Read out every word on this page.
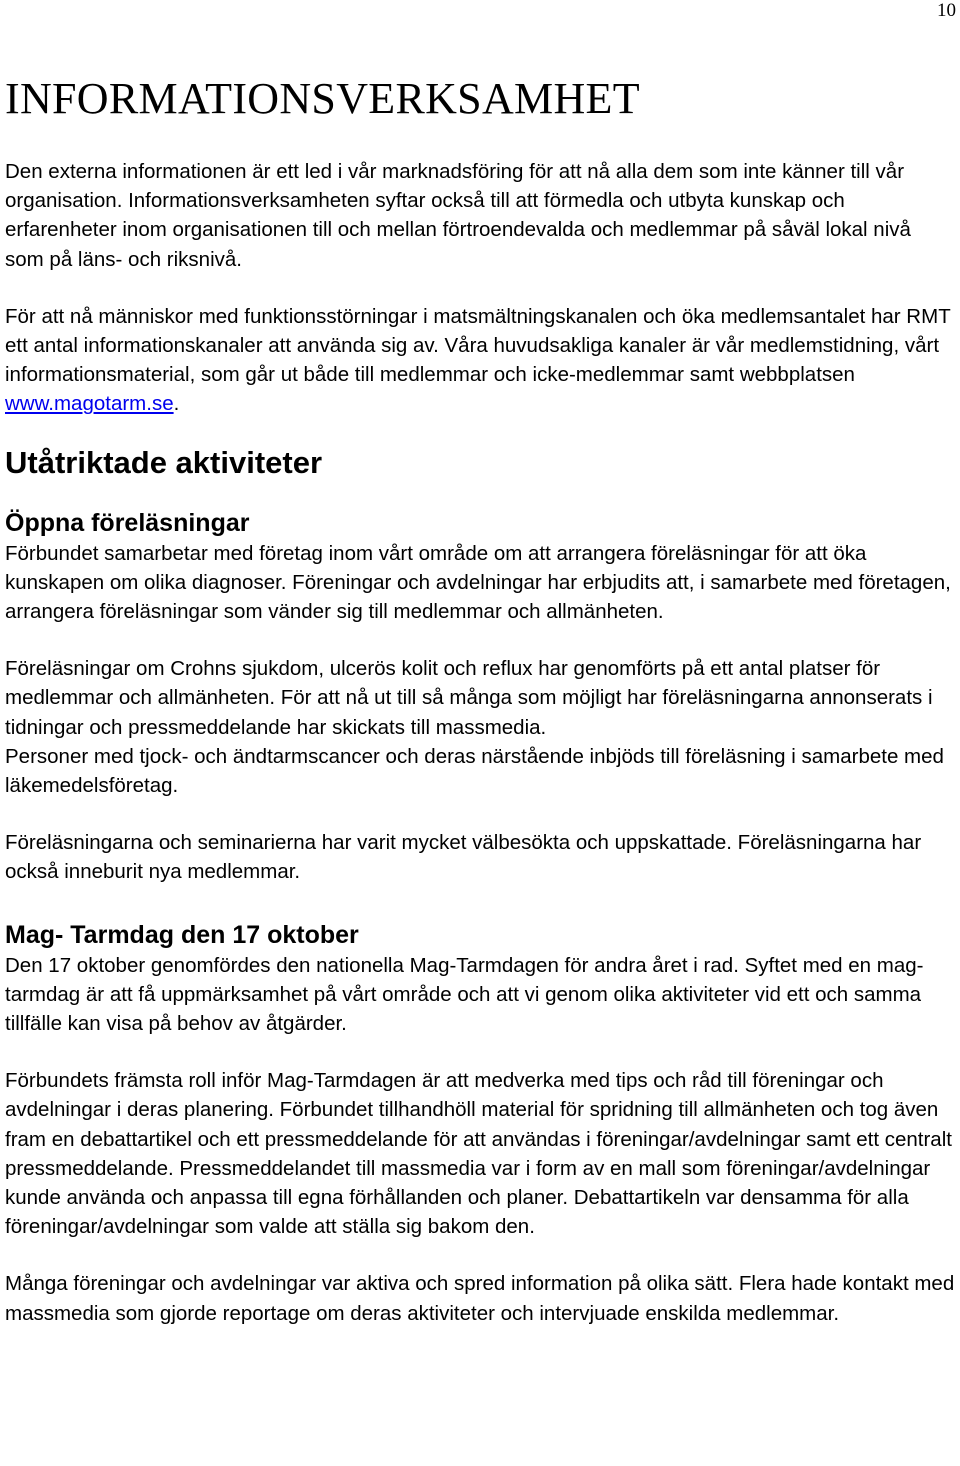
10
INFORMATIONSVERKSAMHET

Den externa informationen är ett led i vår marknadsföring för att nå alla dem som inte känner till vår organisation. Informationsverksamheten syftar också till att förmedla och utbyta kunskap och erfarenheter inom organisationen till och mellan förtroendevalda och medlemmar på såväl lokal nivå som på läns- och riksnivå.

För att nå människor med funktionsstörningar i matsmältningskanalen och öka medlemsantalet har RMT ett antal informationskanaler att använda sig av. Våra huvudsakliga kanaler är vår medlemstidning, vårt informationsmaterial, som går ut både till medlemmar och icke-medlemmar samt webbplatsen www.magotarm.se.

Utåtriktade aktiviteter
Öppna föreläsningar

Förbundet samarbetar med företag inom vårt område om att arrangera föreläsningar för att öka kunskapen om olika diagnoser. Föreningar och avdelningar har erbjudits att, i samarbete med företagen, arrangera föreläsningar som vänder sig till medlemmar och allmänheten.

Föreläsningar om Crohns sjukdom, ulcerös kolit och reflux har genomförts på ett antal platser för medlemmar och allmänheten. För att nå ut till så många som möjligt har föreläsningarna annonserats i tidningar och pressmeddelande har skickats till massmedia.

Personer med tjock- och ändtarmscancer och deras närstående inbjöds till föreläsning i samarbete med läkemedelsföretag.

Föreläsningarna och seminarierna har varit mycket välbesökta och uppskattade. Föreläsningarna har också inneburit nya medlemmar.

Mag- Tarmdag den 17 oktober

Den 17 oktober genomfördes den nationella Mag-Tarmdagen för andra året i rad. Syftet med en mag-tarmdag är att få uppmärksamhet på vårt område och att vi genom olika aktiviteter vid ett och samma tillfälle kan visa på behov av åtgärder.

Förbundets främsta roll inför Mag-Tarmdagen är att medverka med tips och råd till föreningar och avdelningar i deras planering. Förbundet tillhandhöll material för spridning till allmänheten och tog även fram en debattartikel och ett pressmeddelande för att användas i föreningar/avdelningar samt ett centralt pressmeddelande. Pressmeddelandet till massmedia var i form av en mall som föreningar/avdelningar kunde använda och anpassa till egna förhållanden och planer. Debattartikeln var densamma för alla föreningar/avdelningar som valde att ställa sig bakom den.

Många föreningar och avdelningar var aktiva och spred information på olika sätt. Flera hade kontakt med massmedia som gjorde reportage om deras aktiviteter och intervjuade enskilda medlemmar.
